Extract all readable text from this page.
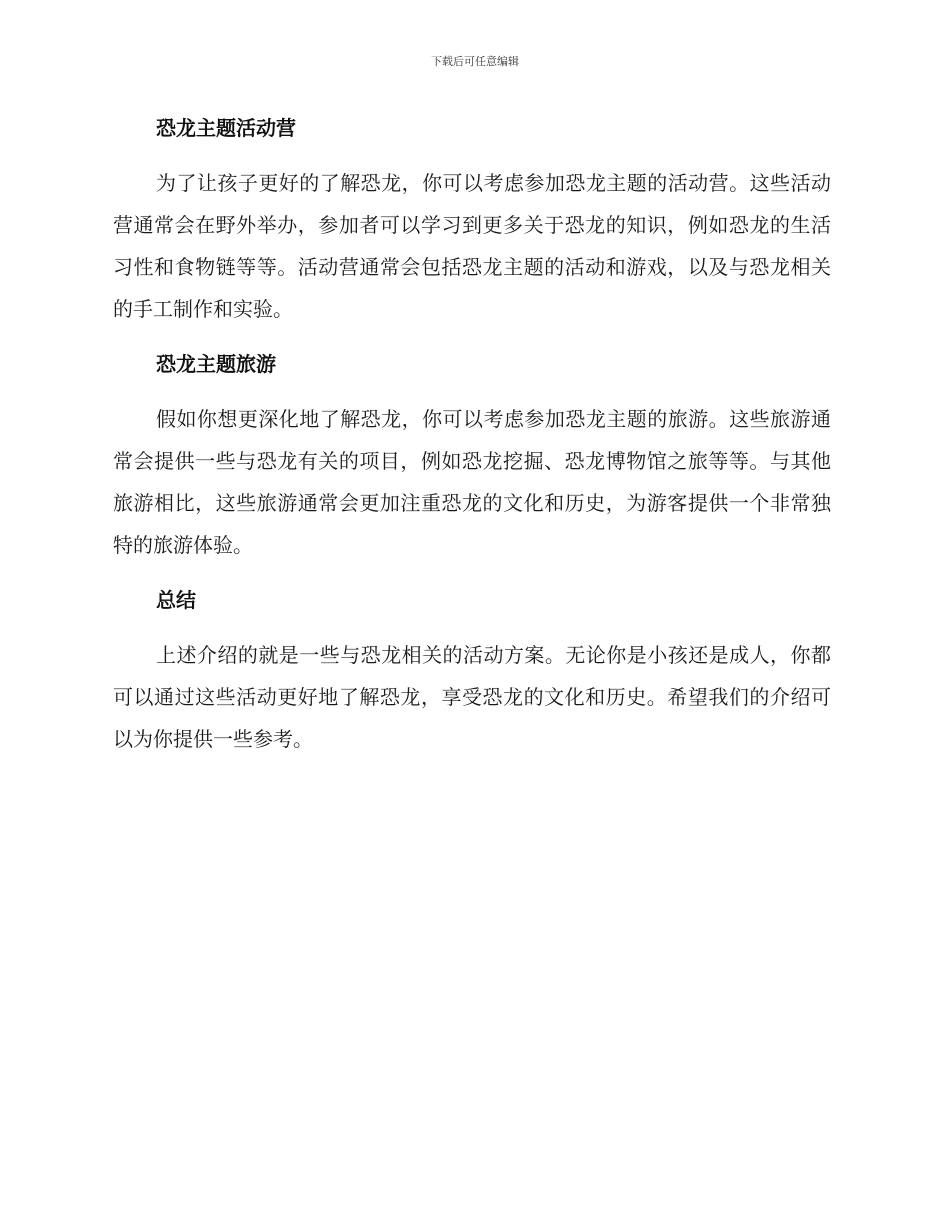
下载后可任意编辑
恐龙主题活动营

为了让孩子更好的了解恐龙，你可以考虑参加恐龙主题的活动营。这些活动营通常会在野外举办，参加者可以学习到更多关于恐龙的知识，例如恐龙的生活习性和食物链等等。活动营通常会包括恐龙主题的活动和游戏，以及与恐龙相关的手工制作和实验。

恐龙主题旅游

假如你想更深化地了解恐龙，你可以考虑参加恐龙主题的旅游。这些旅游通常会提供一些与恐龙有关的项目，例如恐龙挖掘、恐龙博物馆之旅等等。与其他旅游相比，这些旅游通常会更加注重恐龙的文化和历史，为游客提供一个非常独特的旅游体验。

总结

上述介绍的就是一些与恐龙相关的活动方案。无论你是小孩还是成人，你都可以通过这些活动更好地了解恐龙，享受恐龙的文化和历史。希望我们的介绍可以为你提供一些参考。
